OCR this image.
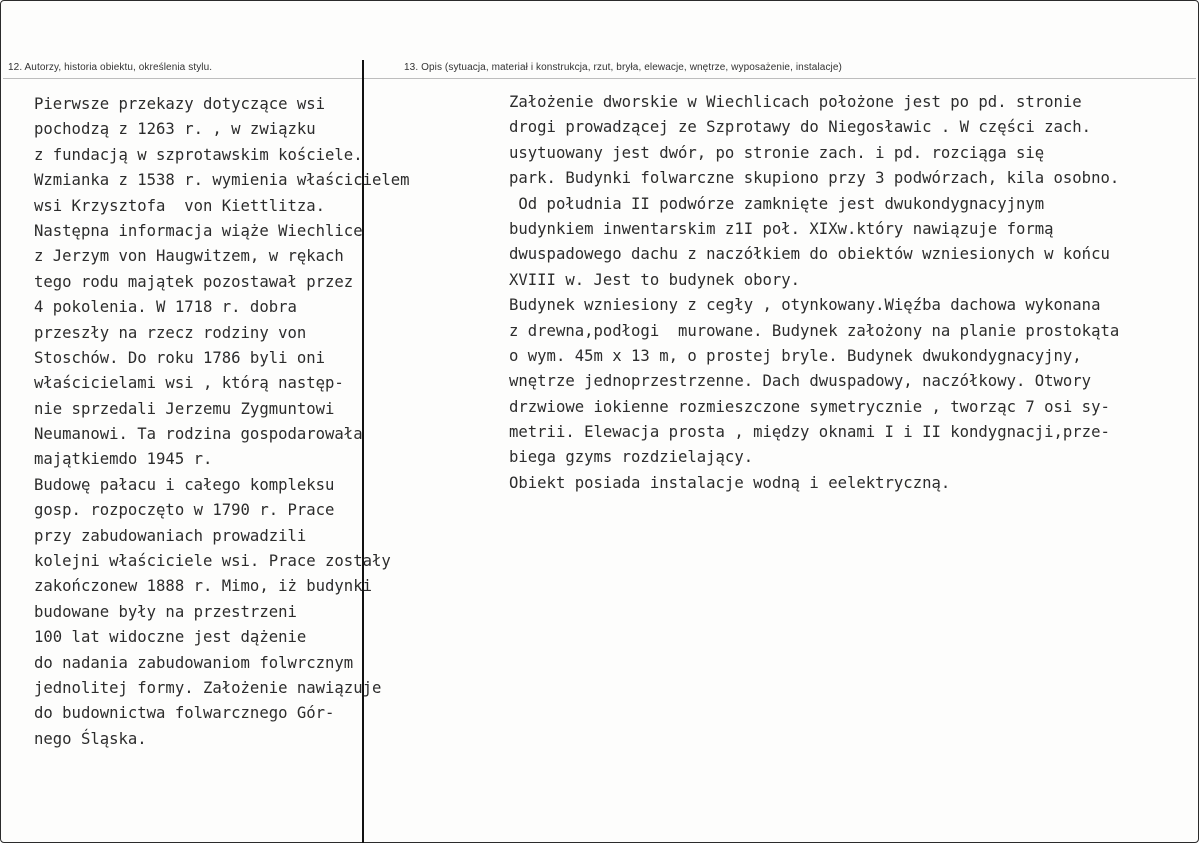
12. Autorzy, historia obiektu, określenia stylu.	13. Opis (sytuacja, materiał i konstrukcja, rzut, bryła, elewacje, wnętrze, wyposażenie, instalacje)
Pierwsze przekazy dotyczące wsi
pochodzą z 1263 r. , w związku
z fundacją w szprotawskim kościele.
Wzmianka z 1538 r. wymienia właścicielem
wsi Krzysztofa  von Kiettlitza.
Następna informacja wiąże Wiechlice
z Jerzym von Haugwitzem, w rękach
tego rodu majątek pozostawał przez
4 pokolenia. W 1718 r. dobra
przeszły na rzecz rodziny von
Stoschów. Do roku 1786 byli oni
właścicielami wsi , którą następ-
nie sprzedali Jerzemu Zygmuntowi
Neumanowi. Ta rodzina gospodarowała
majątkiemdo 1945 r.
Budowę pałacu i całego kompleksu
gosp. rozpoczęto w 1790 r. Prace
przy zabudowaniach prowadzili
kolejni właściciele wsi. Prace zostały
zakończonew 1888 r. Mimo, iż budynki
budowane były na przestrzeni
100 lat widoczne jest dążenie
do nadania zabudowaniom folwrcznym
jednolitej formy. Założenie nawiązuje
do budownictwa folwarcznego Gór-
nego Śląska.
Założenie dworskie w Wiechlicach położone jest po pd. stronie
drogi prowadzącej ze Szprotawy do Niegosławic . W części zach.
usytuowany jest dwór, po stronie zach. i pd. rozciąga się
park. Budynki folwarczne skupiono przy 3 podwórzach, kila osobno.
Od południa II podwórze zamknięte jest dwukondygnacyjnym
budynkiem inwentarskim z1I poł. XIXw.który nawiązuje formą
dwuspadowego dachu z naczółkiem do obiektów wzniesionych w końcu
XVIII w. Jest to budynek obory.
Budynek wzniesiony z cegły , otynkowany.Więźba dachowa wykonana
z drewna,podłogi  murowane. Budynek założony na planie prostokąta
o wym. 45m x 13 m, o prostej bryle. Budynek dwukondygnacyjny,
wnętrze jednoprzestrzenne. Dach dwuspadowy, naczółkowy. Otwory
drzwiowe iokienne rozmieszczone symetrycznie , tworząc 7 osi sy-
metrii. Elewacja prosta , między oknami I i II kondygnacji,prze-
biega gzyms rozdzielający.
Obiekt posiada instalacje wodną i eelektryczną.
